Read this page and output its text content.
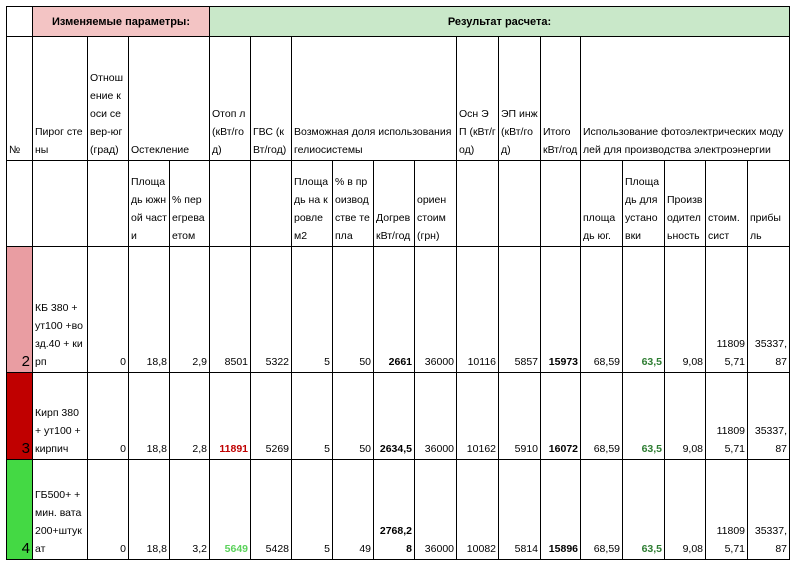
	Изменяемые параметры:				Результат расчета:													
№	Пирог стены	Отношение к оси север-юг (град)	Остекление		Отоп л(кВт/год)	ГВС (кВт/год)	Возможная доля использования гелиосистемы				Осн ЭП (кВт/год)	ЭП инж(кВт/год)	Итого кВт/год	Использование фотоэлектрических модулей для производства электроэнергии				
			Площадь южной части	% перегреваетом			Площадь на кровле м2	% в производстве тепла	Догрев кВт/год	ориен стоим (грн)				площадь юг.	Площадь для установки	Производительность	стоим. сист	прибыль
2	КБ 380 + ут100 +возд.40 + кирп	0	18,8	2,9	8501	5322	5	50	2661	36000	10116	5857	15973	68,59	63,5	9,08	118095,71	35337,87
3	Кирп 380 + ут100 + кирпич	0	18,8	2,8	11891	5269	5	50	2634,5	36000	10162	5910	16072	68,59	63,5	9,08	118095,71	35337,87
4	ГБ500+ +мин. вата 200+штукат	0	18,8	3,2	5649	5428	5	49	2768,28	36000	10082	5814	15896	68,59	63,5	9,08	118095,71	35337,87
